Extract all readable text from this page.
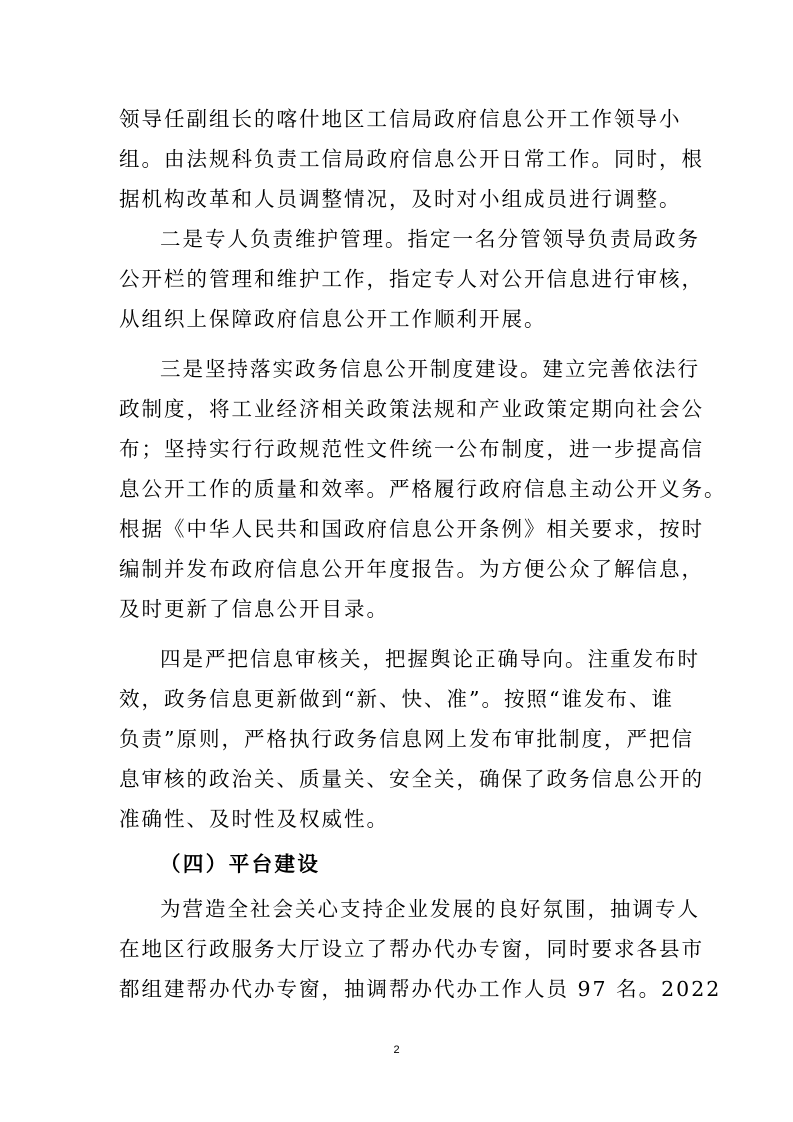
领导任副组长的喀什地区工信局政府信息公开工作领导小
组。由法规科负责工信局政府信息公开日常工作。同时，根
据机构改革和人员调整情况，及时对小组成员进行调整。
二是专人负责维护管理。指定一名分管领导负责局政务
公开栏的管理和维护工作，指定专人对公开信息进行审核，
从组织上保障政府信息公开工作顺利开展。
三是坚持落实政务信息公开制度建设。建立完善依法行
政制度，将工业经济相关政策法规和产业政策定期向社会公
布；坚持实行行政规范性文件统一公布制度，进一步提高信
息公开工作的质量和效率。严格履行政府信息主动公开义务。
根据《中华人民共和国政府信息公开条例》相关要求，按时
编制并发布政府信息公开年度报告。为方便公众了解信息，
及时更新了信息公开目录。
四是严把信息审核关，把握舆论正确导向。注重发布时
效，政务信息更新做到“新、快、准”。按照“谁发布、谁
负责”原则，严格执行政务信息网上发布审批制度，严把信
息审核的政治关、质量关、安全关，确保了政务信息公开的
准确性、及时性及权威性。
（四）平台建设
为营造全社会关心支持企业发展的良好氛围，抽调专人
在地区行政服务大厅设立了帮办代办专窗，同时要求各县市
都组建帮办代办专窗，抽调帮办代办工作人员 97 名。2022
2
